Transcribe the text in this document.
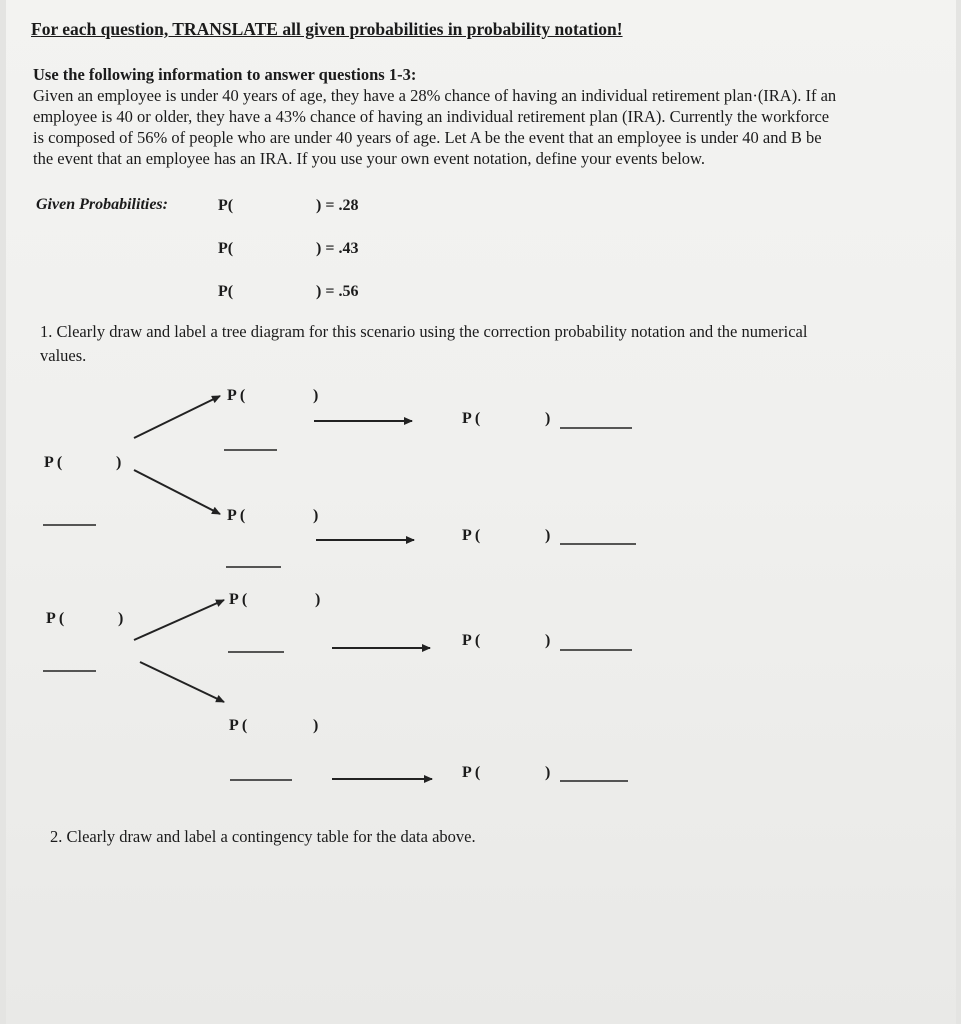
For each question, TRANSLATE all given probabilities in probability notation!
Use the following information to answer questions 1-3:
Given an employee is under 40 years of age, they have a 28% chance of having an individual retirement plan·(IRA). If an
employee is 40 or older, they have a 43% chance of having an individual retirement plan (IRA). Currently the workforce
is composed of 56% of people who are under 40 years of age. Let A be the event that an employee is under 40 and B be
the event that an employee has an IRA. If you use your own event notation, define your events below.
Given Probabilities:	P(	) = .28
P(	) = .43
P(	) = .56
1. Clearly draw and label a tree diagram for this scenario using the correction probability notation and the numerical
values.
P (	)
P (	)
P (	)
P (	)
P (	)
P (	)
P (	)
P (	)
P (	)
P (	)
2. Clearly draw and label a contingency table for the data above.
